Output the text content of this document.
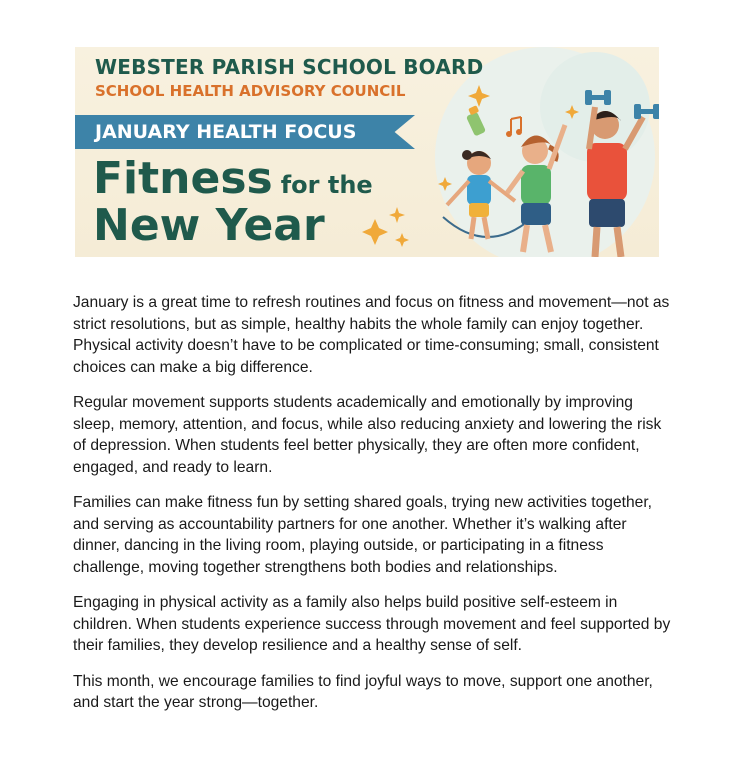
WEBSTER PARISH SCHOOL BOARD
SCHOOL HEALTH ADVISORY COUNCIL
JANUARY HEALTH FOCUS
Fitness for the
New Year

January is a great time to refresh routines and focus on fitness and movement—not as strict resolutions, but as simple, healthy habits the whole family can enjoy together. Physical activity doesn’t have to be complicated or time-consuming; small, consistent choices can make a big difference.

Regular movement supports students academically and emotionally by improving sleep, memory, attention, and focus, while also reducing anxiety and lowering the risk of depression. When students feel better physically, they are often more confident, engaged, and ready to learn.

Families can make fitness fun by setting shared goals, trying new activities together, and serving as accountability partners for one another. Whether it’s walking after dinner, dancing in the living room, playing outside, or participating in a fitness challenge, moving together strengthens both bodies and relationships.

Engaging in physical activity as a family also helps build positive self-esteem in children. When students experience success through movement and feel supported by their families, they develop resilience and a healthy sense of self.

This month, we encourage families to find joyful ways to move, support one another, and start the year strong—together.
